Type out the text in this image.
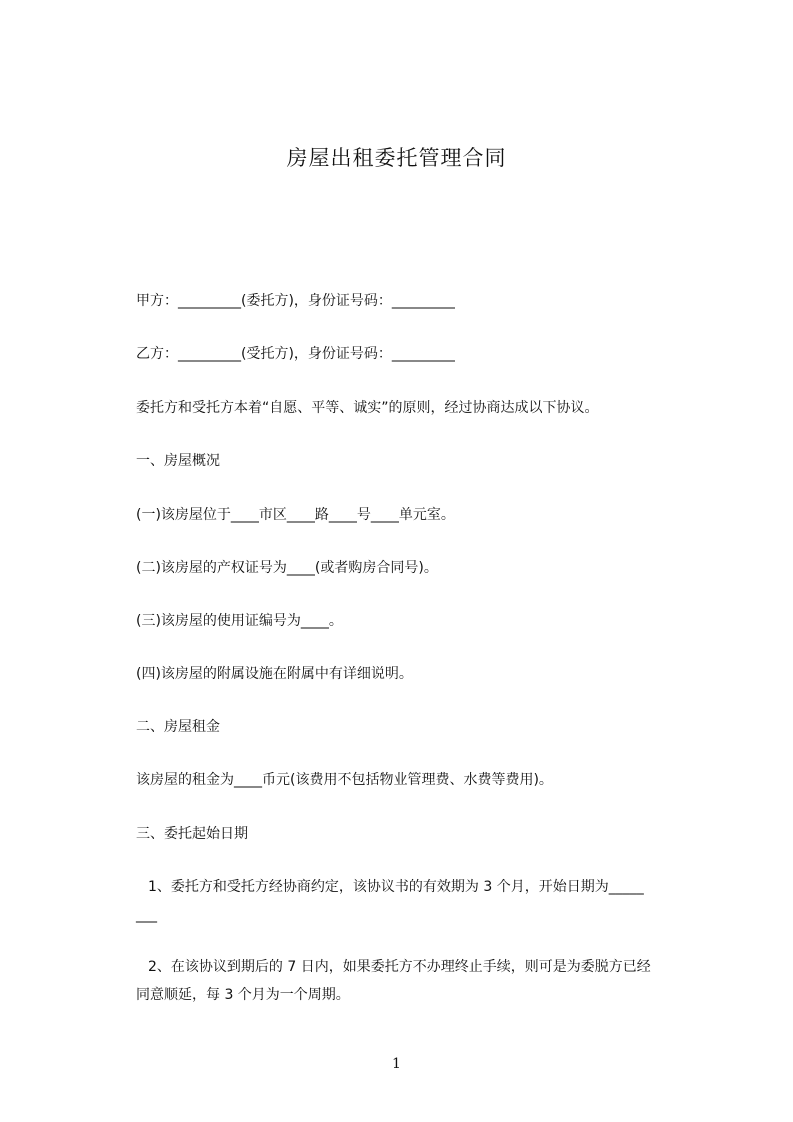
房屋出租委托管理合同

甲方：_________(委托方)，身份证号码：_________

乙方：_________(受托方)，身份证号码：_________

委托方和受托方本着“自愿、平等、诚实”的原则，经过协商达成以下协议。

一、房屋概况

(一)该房屋位于____市区____路____号____单元室。

(二)该房屋的产权证号为____(或者购房合同号)。

(三)该房屋的使用证编号为____。

(四)该房屋的附属设施在附属中有详细说明。

二、房屋租金

该房屋的租金为____币元(该费用不包括物业管理费、水费等费用)。

三、委托起始日期

1、委托方和受托方经协商约定，该协议书的有效期为 3 个月，开始日期为_____

___

2、在该协议到期后的 7 日内，如果委托方不办理终止手续，则可是为委脱方已经

同意顺延，每 3 个月为一个周期。

1
